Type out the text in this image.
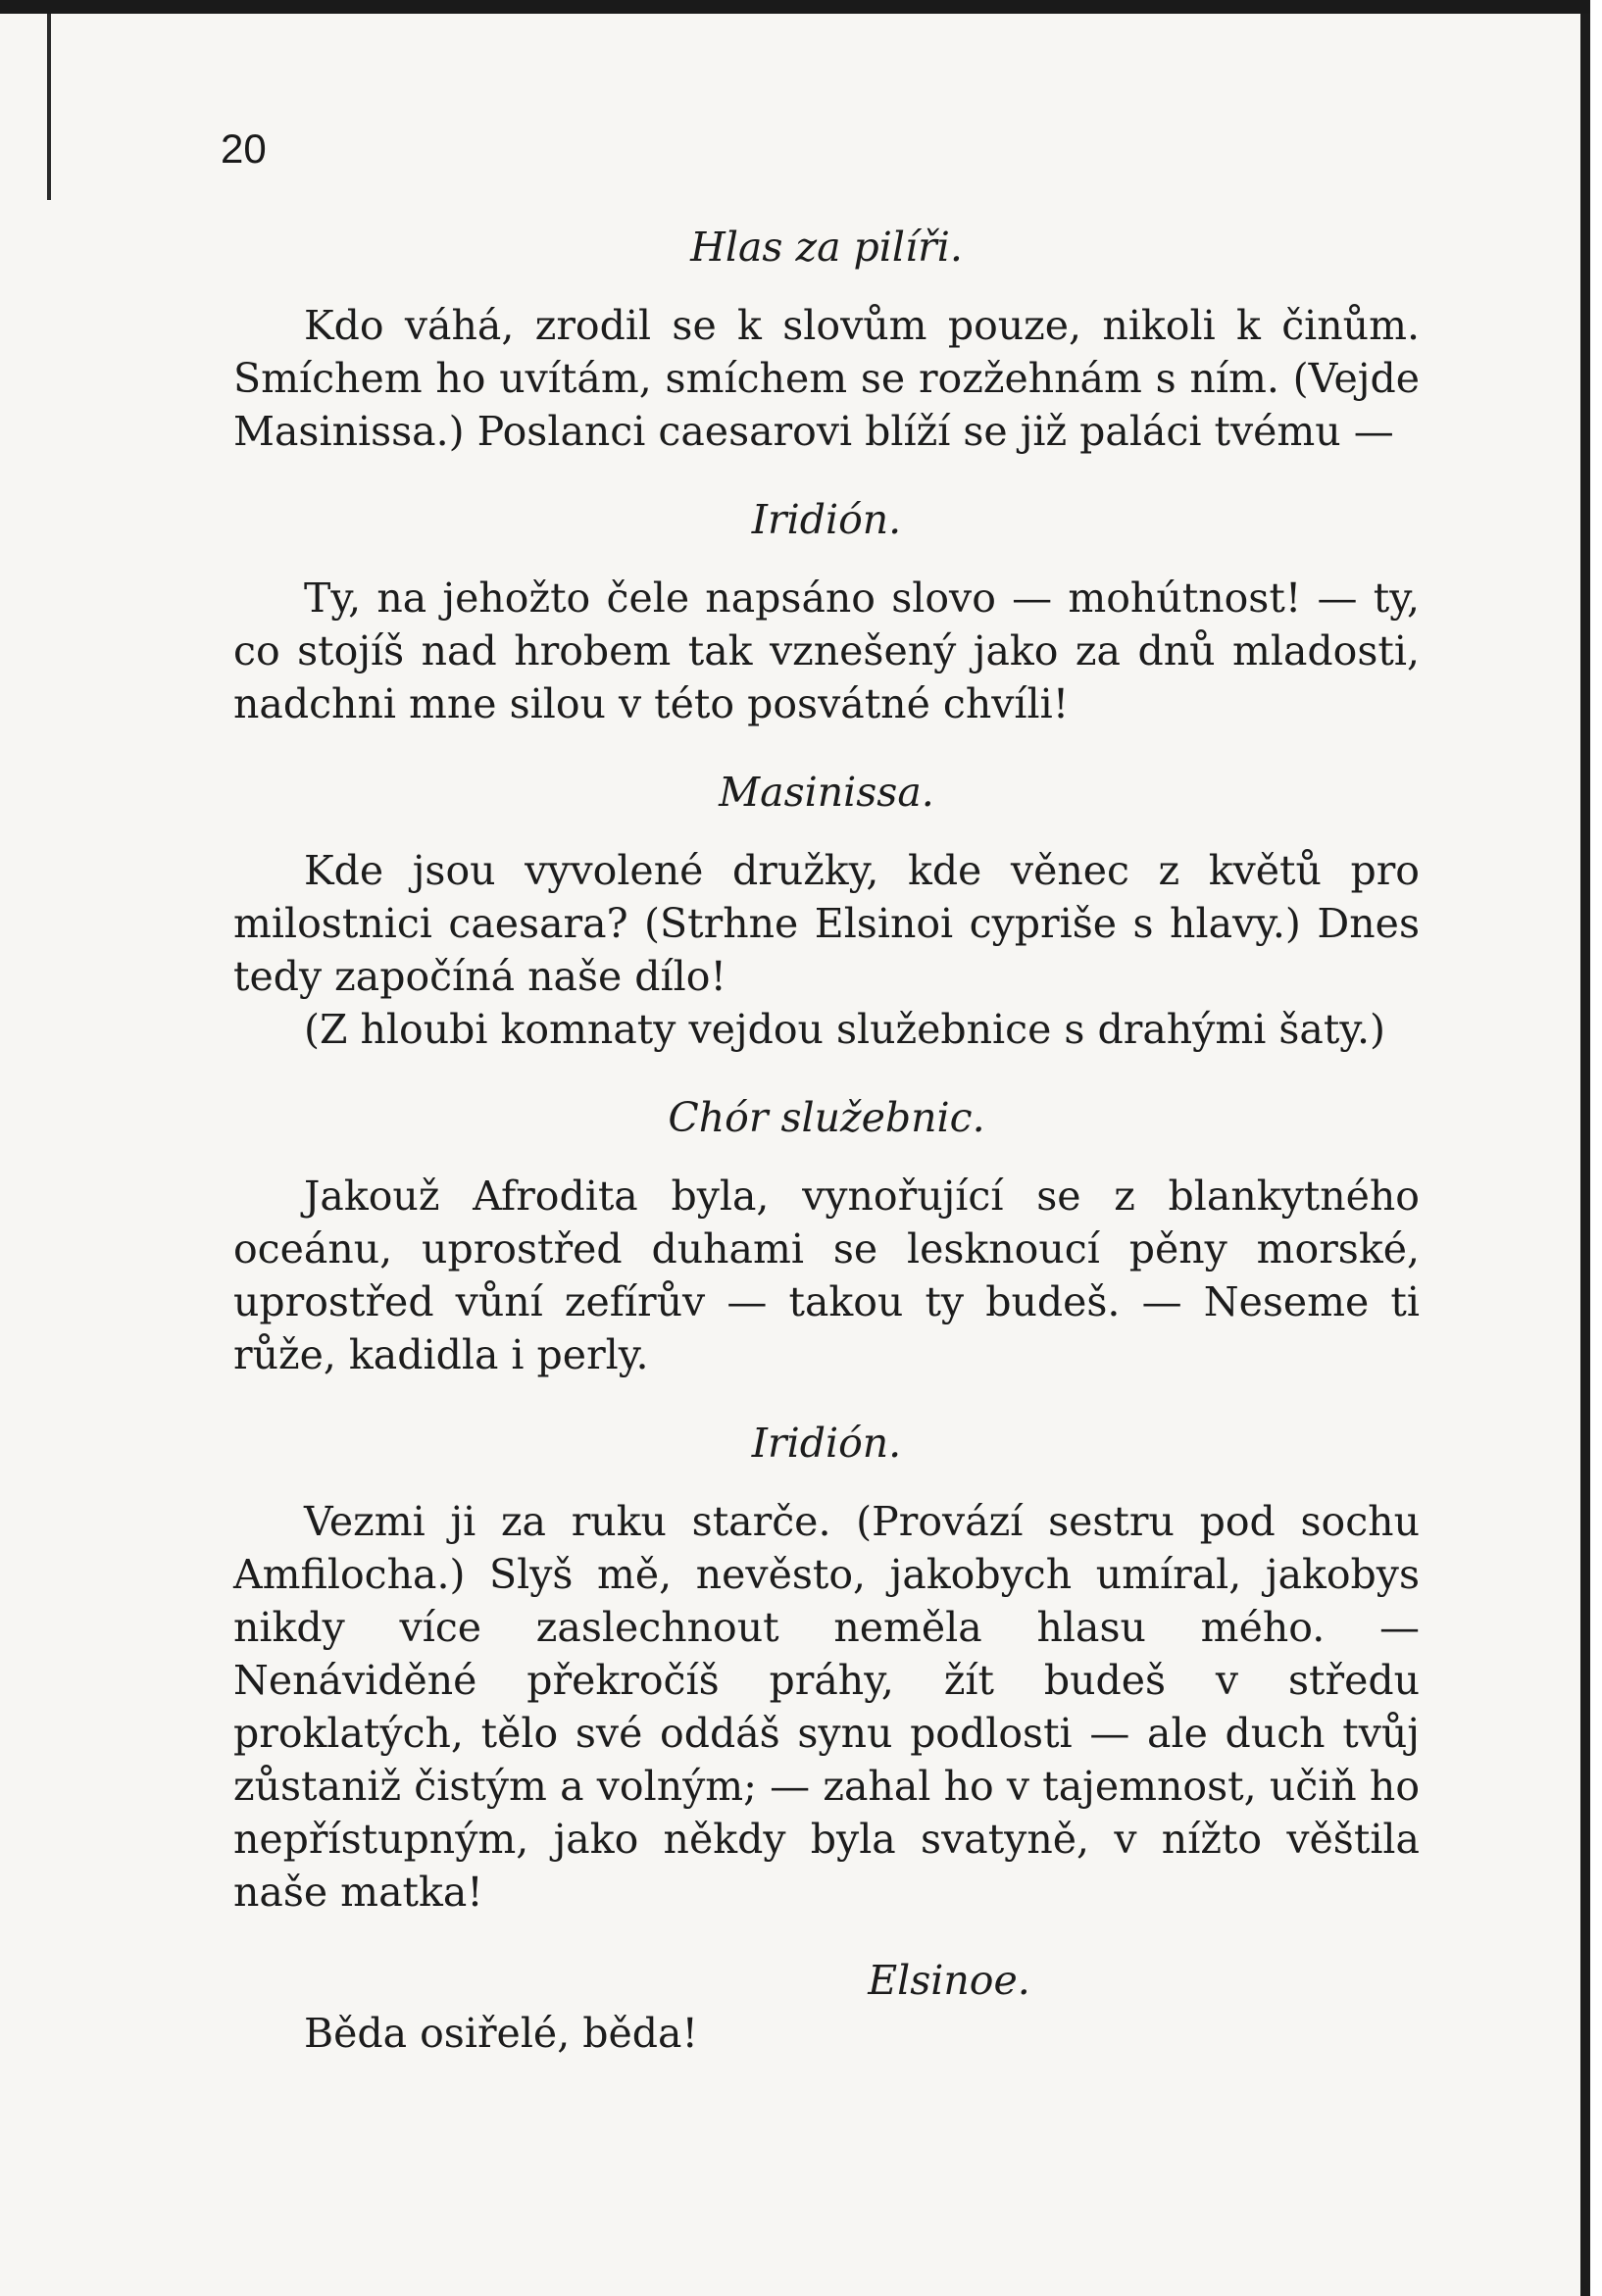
20

Hlas za pilíři.

Kdo váhá, zrodil se k slovům pouze, nikoli k činům. Smíchem ho uvítám, smíchem se rozžehnám s ním. (Vejde Masinissa.) Poslanci caesarovi blíží se již paláci tvému —

Iridión.

Ty, na jehožto čele napsáno slovo — mohútnost! — ty, co stojíš nad hrobem tak vznešený jako za dnů mladosti, nadchni mne silou v této posvátné chvíli!

Masinissa.

Kde jsou vyvolené družky, kde věnec z květů pro milostnici caesara? (Strhne Elsinoi cypriše s hlavy.) Dnes tedy započíná naše dílo!

(Z hloubi komnaty vejdou služebnice s drahými šaty.)

Chór služebnic.

Jakouž Afrodita byla, vynořující se z blankytného oceánu, uprostřed duhami se lesknoucí pěny morské, uprostřed vůní zefírův — takou ty budeš. — Neseme ti růže, kadidla i perly.

Iridión.

Vezmi ji za ruku starče. (Provází sestru pod sochu Amfilocha.) Slyš mě, nevěsto, jakobych umíral, jakobys nikdy více zaslechnout neměla hlasu mého. — Nenáviděné překročíš práhy, žít budeš v středu proklatých, tělo své oddáš synu podlosti — ale duch tvůj zůstaniž čistým a volným; — zahal ho v tajemnost, učiň ho nepřístupným, jako někdy byla svatyně, v nížto věštila naše matka!

Elsinoe.

Běda osiřelé, běda!
